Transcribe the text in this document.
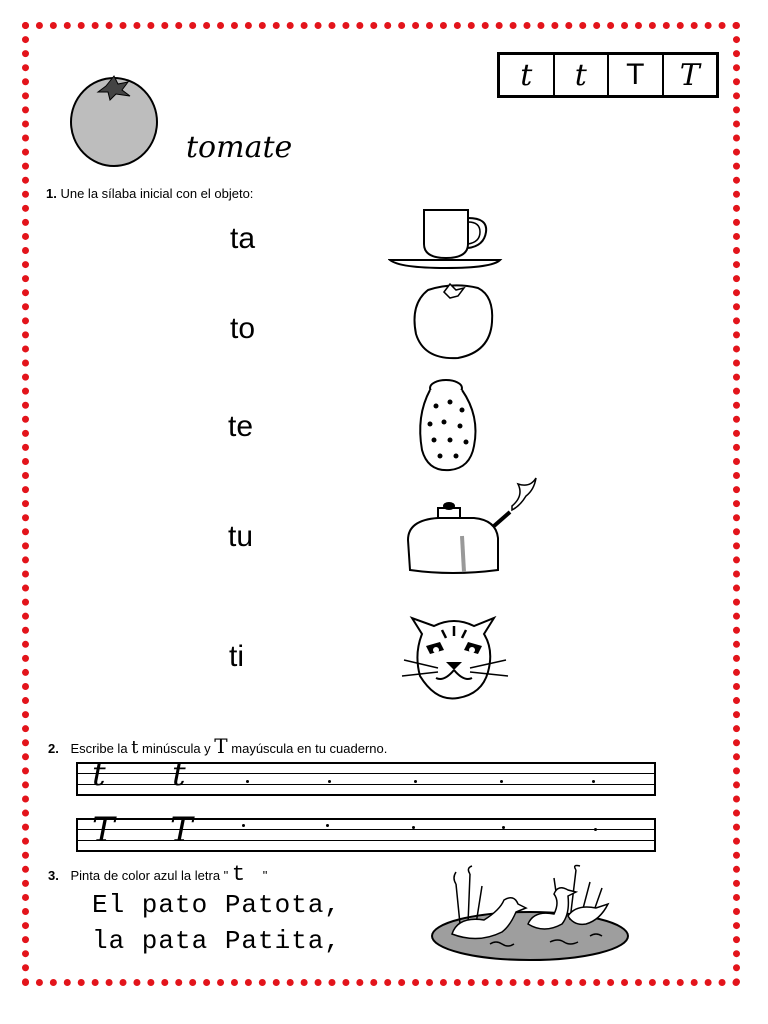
tomate
t	t	T	T
1. Une la sílaba inicial con el objeto:
ta
to
te
tu
ti
2. Escribe la t minúscula y T mayúscula en tu cuaderno.
t t
T T
3. Pinta de color azul la letra " t "
El pato Patota,
la pata Patita,
